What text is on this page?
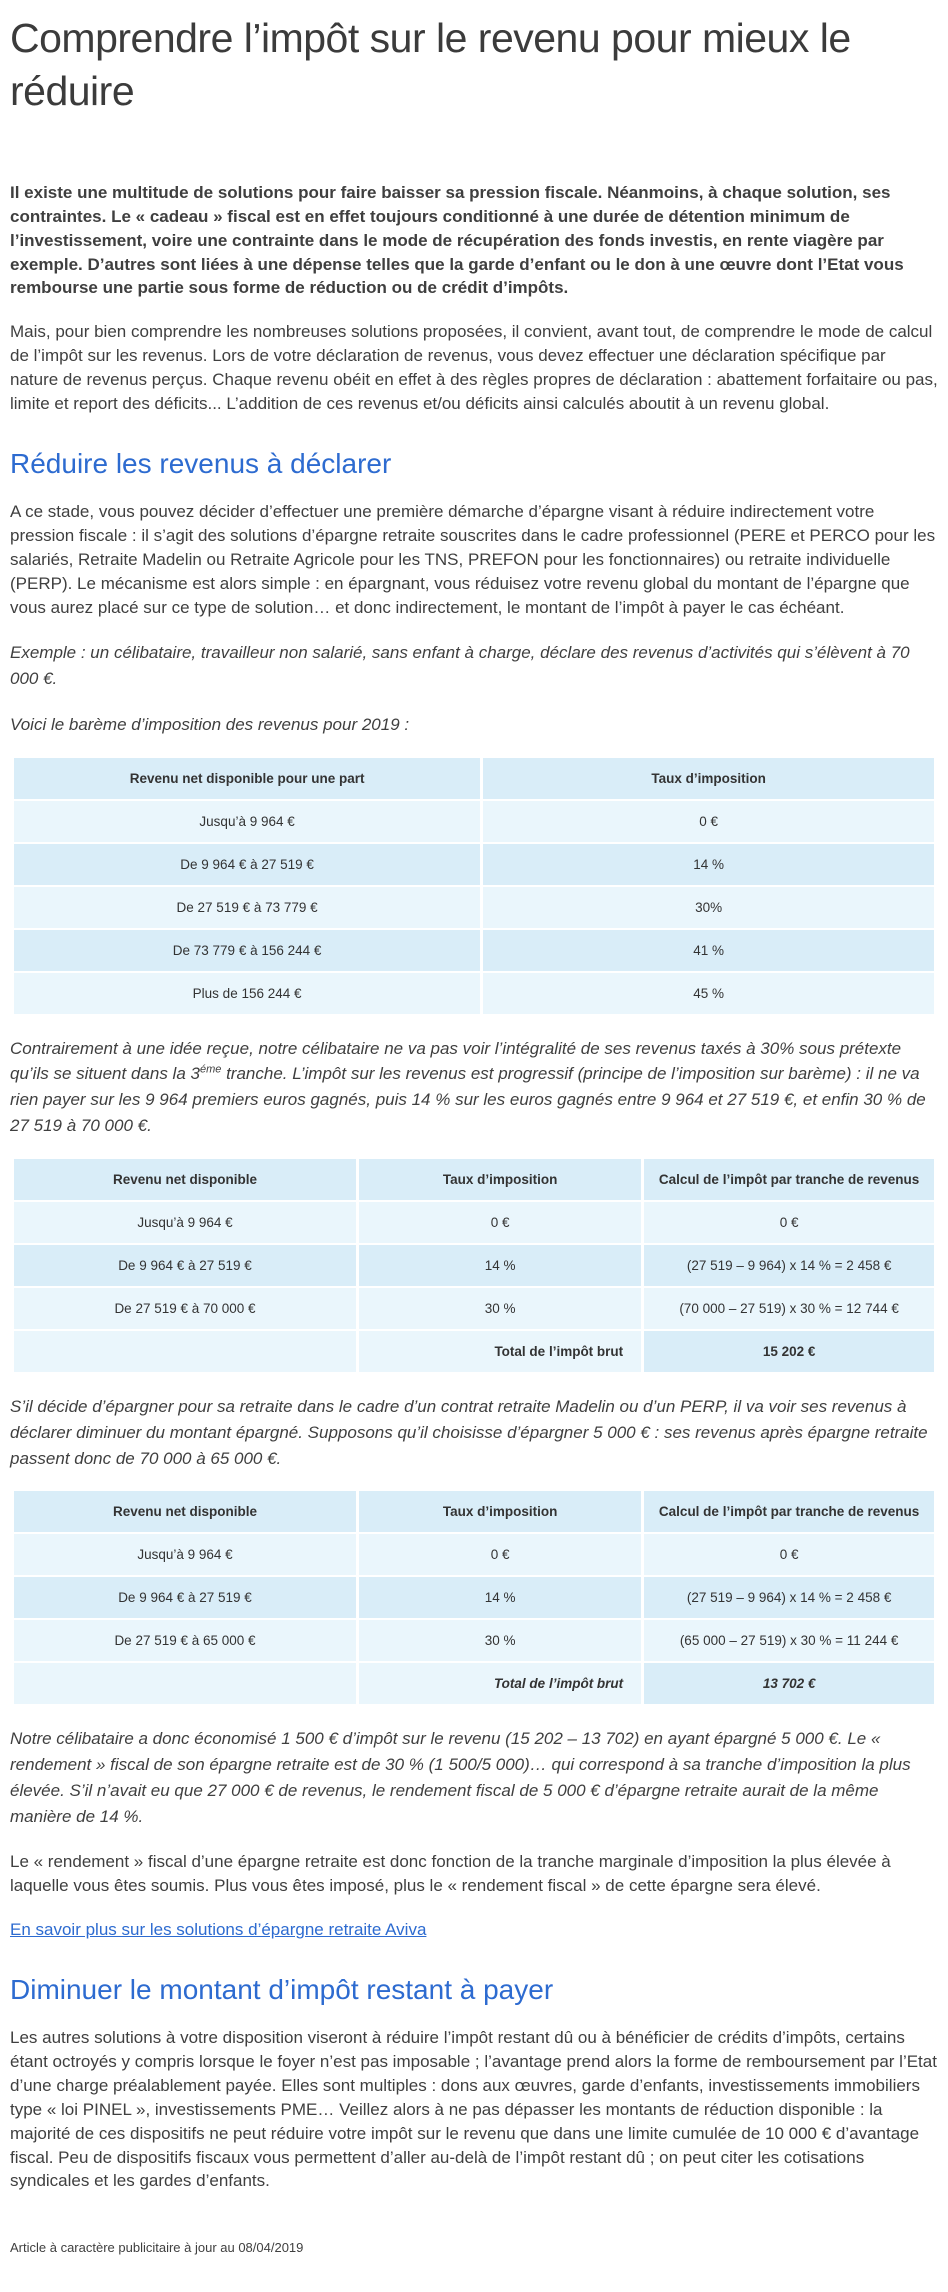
Comprendre l’impôt sur le revenu pour mieux le réduire

Il existe une multitude de solutions pour faire baisser sa pression fiscale. Néanmoins, à chaque solution, ses contraintes. Le « cadeau » fiscal est en effet toujours conditionné à une durée de détention minimum de l’investissement, voire une contrainte dans le mode de récupération des fonds investis, en rente viagère par exemple. D’autres sont liées à une dépense telles que la garde d’enfant ou le don à une œuvre dont l’Etat vous rembourse une partie sous forme de réduction ou de crédit d’impôts.

Mais, pour bien comprendre les nombreuses solutions proposées, il convient, avant tout, de comprendre le mode de calcul de l’impôt sur les revenus. Lors de votre déclaration de revenus, vous devez effectuer une déclaration spécifique par nature de revenus perçus. Chaque revenu obéit en effet à des règles propres de déclaration : abattement forfaitaire ou pas, limite et report des déficits... L’addition de ces revenus et/ou déficits ainsi calculés aboutit à un revenu global.

Réduire les revenus à déclarer

A ce stade, vous pouvez décider d’effectuer une première démarche d’épargne visant à réduire indirectement votre pression fiscale : il s’agit des solutions d’épargne retraite souscrites dans le cadre professionnel (PERE et PERCO pour les salariés, Retraite Madelin ou Retraite Agricole pour les TNS, PREFON pour les fonctionnaires) ou retraite individuelle (PERP). Le mécanisme est alors simple : en épargnant, vous réduisez votre revenu global du montant de l’épargne que vous aurez placé sur ce type de solution… et donc indirectement, le montant de l’impôt à payer le cas échéant.

Exemple : un célibataire, travailleur non salarié, sans enfant à charge, déclare des revenus d’activités qui s’élèvent à 70 000 €.

Voici le barème d’imposition des revenus pour 2019 :

Revenu net disponible pour une part	Taux d’imposition
Jusqu’à 9 964 €	0 €
De 9 964 € à 27 519 €	14 %
De 27 519 € à 73 779 €	30%
De 73 779 € à 156 244 €	41 %
Plus de 156 244 €	45 %

Contrairement à une idée reçue, notre célibataire ne va pas voir l’intégralité de ses revenus taxés à 30% sous prétexte qu’ils se situent dans la $3^{éme}$ tranche. L’impôt sur les revenus est progressif (principe de l’imposition sur barème) : il ne va rien payer sur les 9 964 premiers euros gagnés, puis 14 % sur les euros gagnés entre 9 964 et 27 519 €, et enfin 30 % de 27 519 à 70 000 €.

Revenu net disponible	Taux d’imposition	Calcul de l’impôt par tranche de revenus
Jusqu’à 9 964 €	0 €	0 €
De 9 964 € à 27 519 €	14 %	(27 519 – 9 964) x 14 % = 2 458 €
De 27 519 € à 70 000 €	30 %	(70 000 – 27 519) x 30 % = 12 744 €
	Total de l’impôt brut	15 202 €

S’il décide d’épargner pour sa retraite dans le cadre d’un contrat retraite Madelin ou d’un PERP, il va voir ses revenus à déclarer diminuer du montant épargné. Supposons qu’il choisisse d’épargner 5 000 € : ses revenus après épargne retraite passent donc de 70 000 à 65 000 €.

Revenu net disponible	Taux d’imposition	Calcul de l’impôt par tranche de revenus
Jusqu’à 9 964 €	0 €	0 €
De 9 964 € à 27 519 €	14 %	(27 519 – 9 964) x 14 % = 2 458 €
De 27 519 € à 65 000 €	30 %	(65 000 – 27 519) x 30 % = 11 244 €
	Total de l’impôt brut	13 702 €

Notre célibataire a donc économisé 1 500 € d’impôt sur le revenu (15 202 – 13 702) en ayant épargné 5 000 €. Le « rendement » fiscal de son épargne retraite est de 30 % (1 500/5 000)… qui correspond à sa tranche d’imposition la plus élevée. S’il n’avait eu que 27 000 € de revenus, le rendement fiscal de 5 000 € d’épargne retraite aurait de la même manière de 14 %.

Le « rendement » fiscal d’une épargne retraite est donc fonction de la tranche marginale d’imposition la plus élevée à laquelle vous êtes soumis. Plus vous êtes imposé, plus le « rendement fiscal » de cette épargne sera élevé.

En savoir plus sur les solutions d’épargne retraite Aviva

Diminuer le montant d’impôt restant à payer

Les autres solutions à votre disposition viseront à réduire l’impôt restant dû ou à bénéficier de crédits d’impôts, certains étant octroyés y compris lorsque le foyer n’est pas imposable ; l’avantage prend alors la forme de remboursement par l’Etat d’une charge préalablement payée. Elles sont multiples : dons aux œuvres, garde d’enfants, investissements immobiliers type « loi PINEL », investissements PME… Veillez alors à ne pas dépasser les montants de réduction disponible : la majorité de ces dispositifs ne peut réduire votre impôt sur le revenu que dans une limite cumulée de 10 000 € d’avantage fiscal. Peu de dispositifs fiscaux vous permettent d’aller au-delà de l’impôt restant dû ; on peut citer les cotisations syndicales et les gardes d’enfants.

Article à caractère publicitaire à jour au 08/04/2019
